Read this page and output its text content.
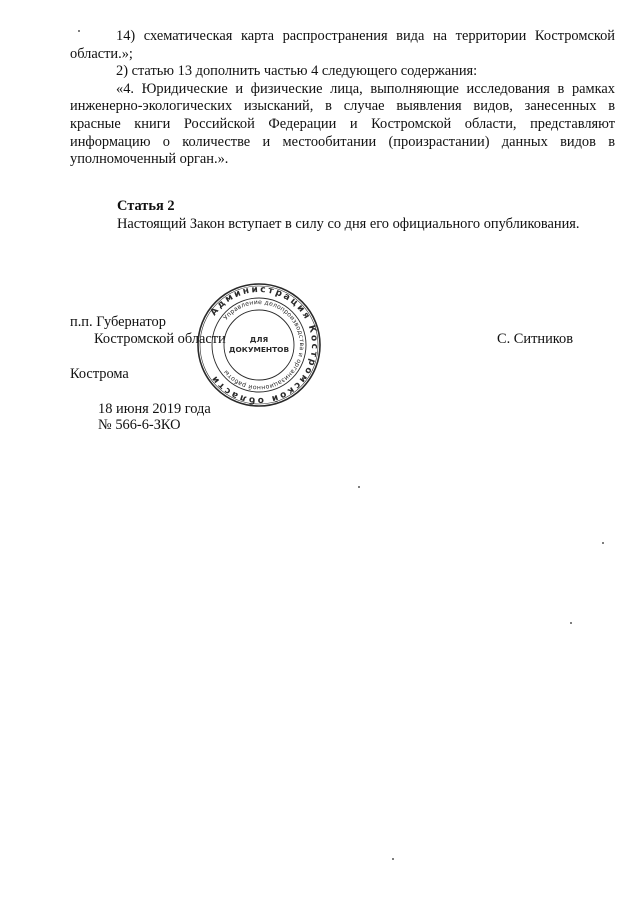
14) схематическая карта распространения вида на территории Костромской

области.»;

2) статью 13 дополнить частью 4 следующего содержания:

«4. Юридические и физические лица, выполняющие исследования в рамках

инженерно-экологических изысканий, в случае выявления видов, занесенных в

красные книги Российской Федерации и Костромской области, представляют

информацию о количестве и местообитании (произрастании) данных видов в

уполномоченный орган.».

Статья 2

Настоящий Закон вступает в силу со дня его официального опубликования.

п.п. Губернатор

Костромской области	С. Ситников

Кострома

18 июня 2019 года

№ 566-6-ЗКО

Администрация Костромской области
Управление делопроизводства и организационной работы
ДЛЯ
ДОКУМЕНТОВ
